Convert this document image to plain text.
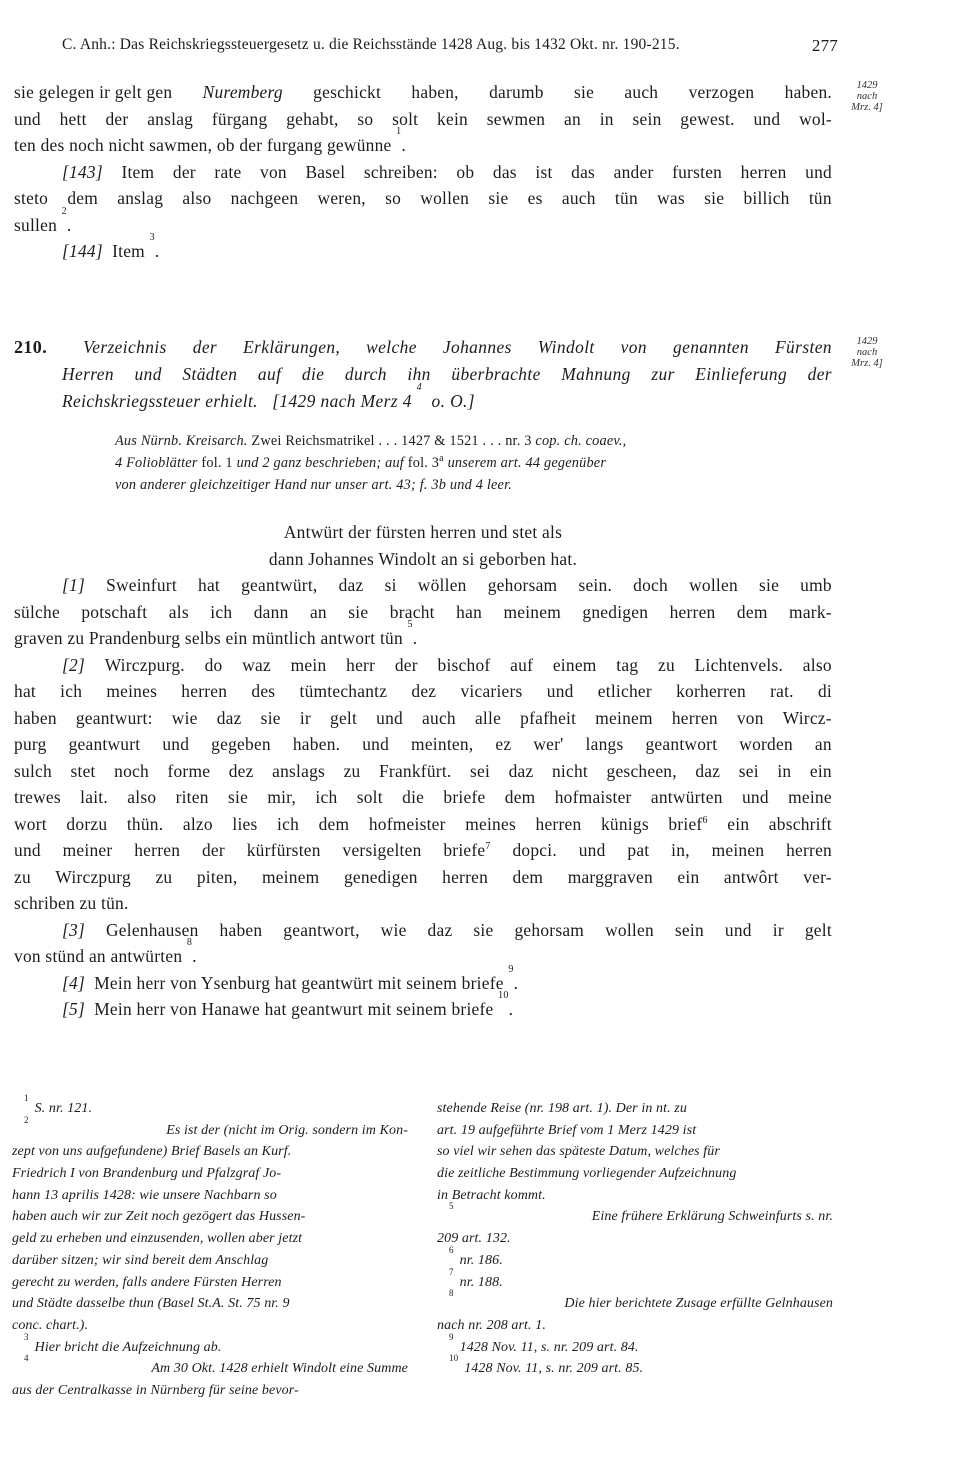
C. Anh.: Das Reichskriegssteuergesetz u. die Reichsstände 1428 Aug. bis 1432 Okt. nr. 190-215.	277
1429
nach
Mrz. 4]
1429
nach
Mrz. 4]
sie gelegen ir gelt gen Nuremberg geschickt haben, darumb sie auch verzogen haben.
und hett der anslag fürgang gehabt, so solt kein sewmen an in sein gewest. und wol-
ten des noch nicht sawmen, ob der furgang gewünne

1
.
[143] Item der rate von Basel schreiben: ob das ist das ander fursten herren und
steto dem anslag also nachgeen weren, so wollen sie es auch tün was sie billich tün
sullen

2
.
[144]
Item

3
.
210. Verzeichnis der Erklärungen, welche Johannes Windolt von genannten Fürsten
Herren und Städten auf die durch ihn überbrachte Mahnung zur Einlieferung der
Reichskriegssteuer erhielt.
[1429 nach Merz 4

4

o. O.]
Aus Nürnb. Kreisarch. Zwei Reichsmatrikel . . . 1427 & 1521 . . . nr. 3 cop. ch. coaev.,
4 Folioblätter fol. 1 und 2 ganz beschrieben; auf fol. 3$^a$ unserem art. 44 gegenüber
von anderer gleichzeitiger Hand nur unser art. 43; f. 3b und 4 leer.
Antwürt der fürsten herren und stet als
dann Johannes Windolt an si geborben hat.
[1] Sweinfurt hat geantwürt, daz si wöllen gehorsam sein. doch wollen sie umb
sülche potschaft als ich dann an sie bracht han meinem gnedigen herren dem mark-
graven zu Prandenburg selbs ein müntlich antwort tün

5
.
[2] Wirczpurg. do waz mein herr der bischof auf einem tag zu Lichtenvels. also
hat ich meines herren des tümtechantz dez vicariers und etlicher korherren rat. di
haben geantwurt: wie daz sie ir gelt und auch alle pfafheit meinem herren von Wircz-
purg geantwurt und gegeben haben. und meinten, ez wer' langs geantwort worden an
sulch stet noch forme dez anslags zu Frankfürt. sei daz nicht gescheen, daz sei in ein
trewes lait. also riten sie mir, ich solt die briefe dem hofmaister antwürten und meine
wort dorzu thün. alzo lies ich dem hofmeister meines herren künigs brief$^6$ ein abschrift
und meiner herren der kürfürsten versigelten briefe$^7$ dopci. und pat in, meinen herren
zu Wirczpurg zu piten, meinem genedigen herren dem marggraven ein antwôrt ver-
schriben zu tün.
[3] Gelenhausen haben geantwort, wie daz sie gehorsam wollen sein und ir gelt
von stünd an antwürten

8
.
[4]
Mein herr von Ysenburg hat geantwürt mit seinem briefe

9
.
[5]
Mein herr von Hanawe hat geantwurt mit seinem briefe

10
.
1
S. nr. 121.
2
Es ist der (nicht im Orig. sondern im Kon-
zept von uns aufgefundene) Brief Basels an Kurf.
Friedrich I von Brandenburg und Pfalzgraf Jo-
hann 13 aprilis 1428: wie unsere Nachbarn so
haben auch wir zur Zeit noch gezögert das Hussen-
geld zu erheben und einzusenden, wollen aber jetzt
darüber sitzen; wir sind bereit dem Anschlag
gerecht zu werden, falls andere Fürsten Herren
und Städte dasselbe thun (Basel St.A. St. 75 nr. 9
conc. chart.).
3
Hier bricht die Aufzeichnung ab.
4
Am 30 Okt. 1428 erhielt Windolt eine Summe
aus der Centralkasse in Nürnberg für seine bevor-
stehende Reise (nr. 198 art. 1). Der in nt. zu
art. 19 aufgeführte Brief vom 1 Merz 1429 ist
so viel wir sehen das späteste Datum, welches für
die zeitliche Bestimmung vorliegender Aufzeichnung
in Betracht kommt.
5
Eine frühere Erklärung Schweinfurts s. nr.
209 art. 132.
6
nr. 186.
7
nr. 188.
8
Die hier berichtete Zusage erfüllte Gelnhausen
nach nr. 208 art. 1.
9
1428 Nov. 11, s. nr. 209 art. 84.
10
1428 Nov. 11, s. nr. 209 art. 85.
